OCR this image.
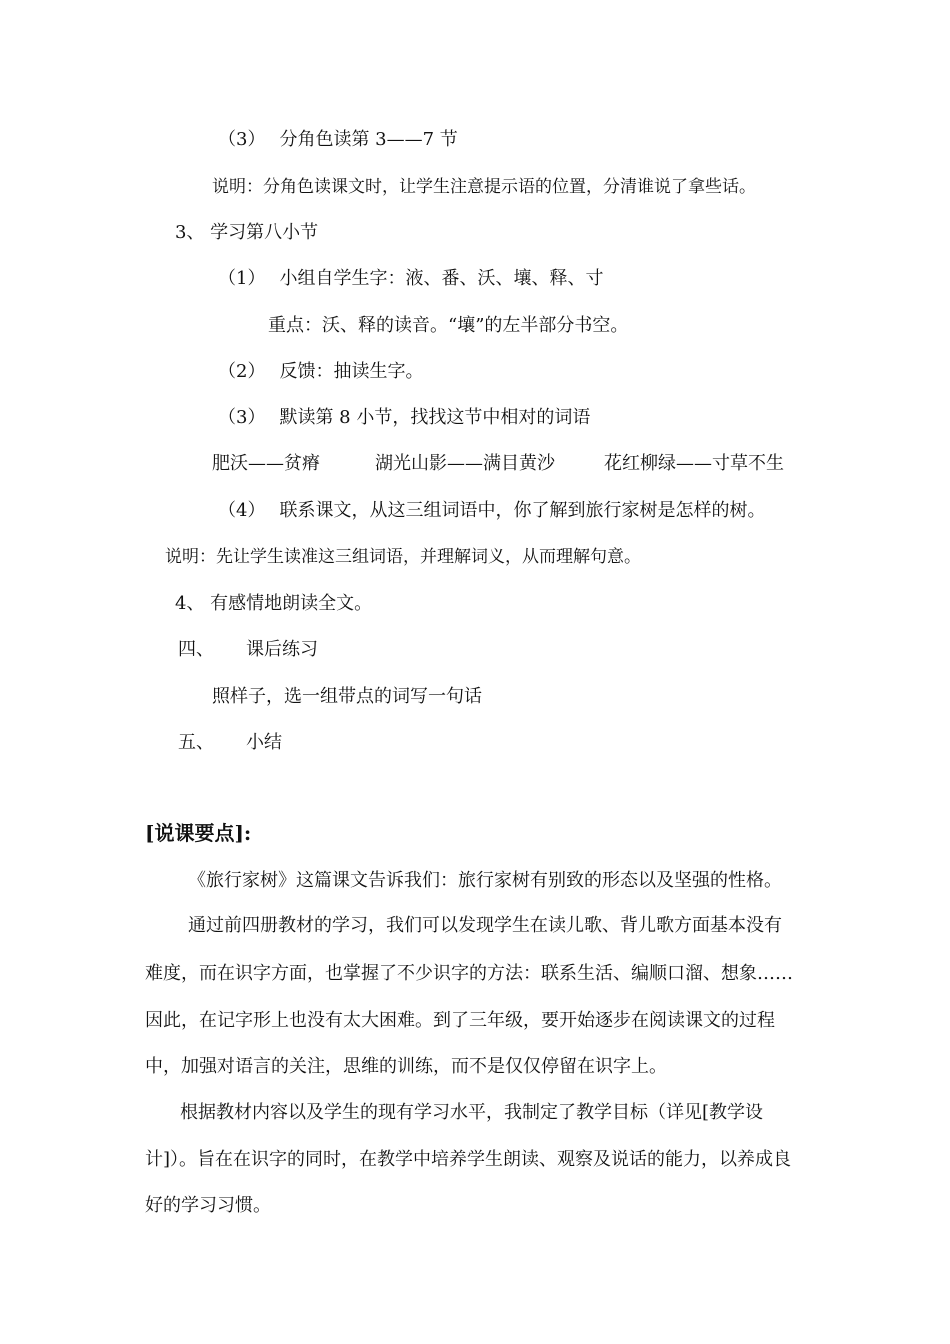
（3） 分角色读第 3——7 节
说明：分角色读课文时，让学生注意提示语的位置，分清谁说了拿些话。
3、 学习第八小节
（1） 小组自学生字：液、番、沃、壤、释、寸
重点：沃、释的读音。“壤”的左半部分书空。
（2） 反馈：抽读生字。
（3） 默读第 8 小节，找找这节中相对的词语
肥沃——贫瘠	湖光山影——满目黄沙	花红柳绿——寸草不生
（4） 联系课文，从这三组词语中，你了解到旅行家树是怎样的树。
说明：先让学生读准这三组词语，并理解词义，从而理解句意。
4、 有感情地朗读全文。
四、 课后练习
照样子，选一组带点的词写一句话
五、 小结
[说课要点]:
《旅行家树》这篇课文告诉我们：旅行家树有别致的形态以及坚强的性格。
通过前四册教材的学习，我们可以发现学生在读儿歌、背儿歌方面基本没有
难度，而在识字方面，也掌握了不少识字的方法：联系生活、编顺口溜、想象……
因此，在记字形上也没有太大困难。到了三年级，要开始逐步在阅读课文的过程
中，加强对语言的关注，思维的训练，而不是仅仅停留在识字上。
根据教材内容以及学生的现有学习水平，我制定了教学目标（详见[教学设
计]）。旨在在识字的同时，在教学中培养学生朗读、观察及说话的能力，以养成良
好的学习习惯。
